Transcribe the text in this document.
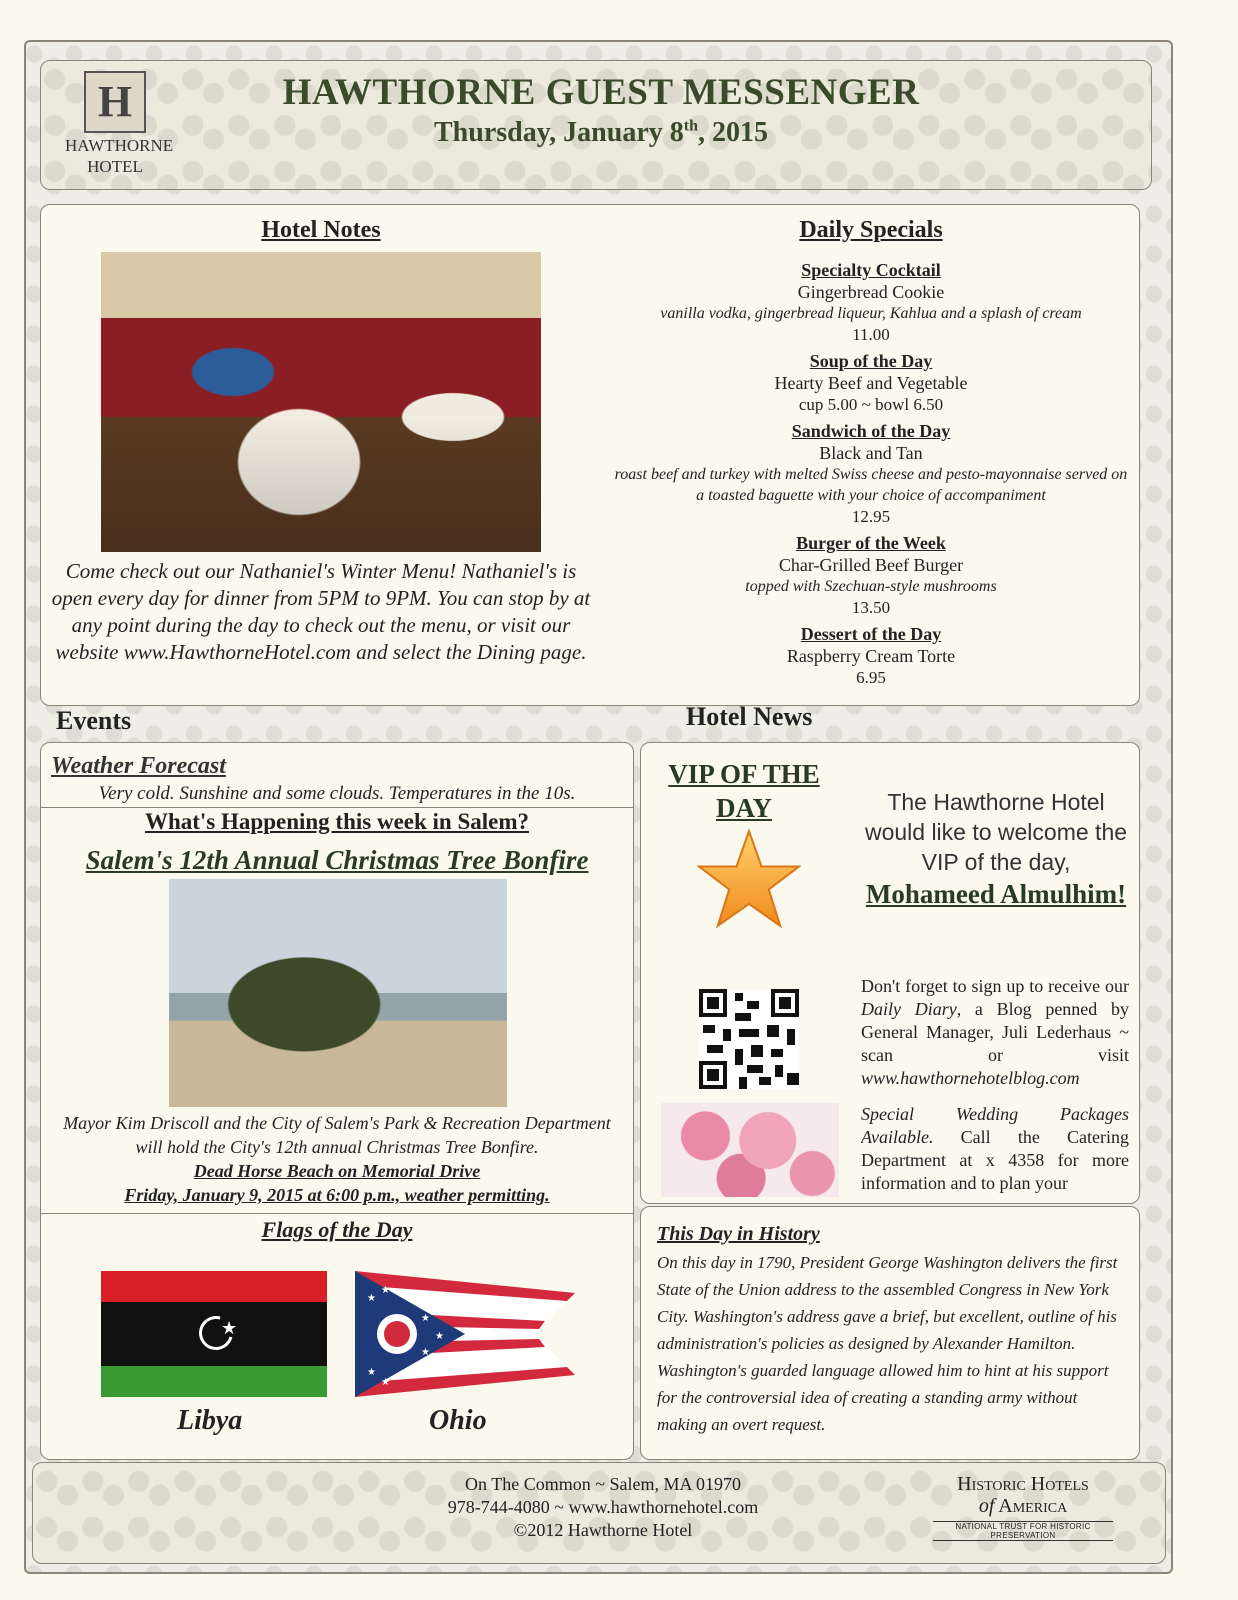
H
HAWTHORNE
HOTEL
HAWTHORNE GUEST MESSENGER
Thursday, January 8th, 2015
Hotel Notes
Come check out our Nathaniel's Winter Menu! Nathaniel's is open every day for dinner from 5PM to 9PM. You can stop by at any point during the day to check out the menu, or visit our website www.HawthorneHotel.com and select the Dining page.
Daily Specials
Specialty Cocktail
Gingerbread Cookie
vanilla vodka, gingerbread liqueur, Kahlua and a splash of cream
11.00
Soup of the Day
Hearty Beef and Vegetable
cup 5.00 ~ bowl 6.50
Sandwich of the Day
Black and Tan
roast beef and turkey with melted Swiss cheese and pesto-mayonnaise served on a toasted baguette with your choice of accompaniment
12.95
Burger of the Week
Char-Grilled Beef Burger
topped with Szechuan-style mushrooms
13.50
Dessert of the Day
Raspberry Cream Torte
6.95
Events	Hotel News
Weather Forecast
Very cold. Sunshine and some clouds. Temperatures in the 10s.
What's Happening this week in Salem?
Salem's 12th Annual Christmas Tree Bonfire
Mayor Kim Driscoll and the City of Salem's Park & Recreation Department will hold the City's 12th annual Christmas Tree Bonfire.
Dead Horse Beach on Memorial Drive
Friday, January 9, 2015 at 6:00 p.m., weather permitting.
Flags of the Day
★
★
★
★
★
★
★
★
Libya	Ohio
VIP OF THE DAY	The Hawthorne Hotel would like to welcome the VIP of the day,
Mohameed Almulhim!
Don't forget to sign up to receive our Daily Diary, a Blog penned by General Manager, Juli Lederhaus ~ scan or visit www.hawthornehotelblog.com
Special Wedding Packages Available. Call the Catering Department at x 4358 for more information and to plan your
This Day in History
On this day in 1790, President George Washington delivers the first State of the Union address to the assembled Congress in New York City. Washington's address gave a brief, but excellent, outline of his administration's policies as designed by Alexander Hamilton. Washington's guarded language allowed him to hint at his support for the controversial idea of creating a standing army without making an overt request.
On The Common ~ Salem, MA 01970
978-744-4080 ~ www.hawthornehotel.com
©2012 Hawthorne Hotel
Historic Hotels
of America
NATIONAL TRUST FOR HISTORIC PRESERVATION
